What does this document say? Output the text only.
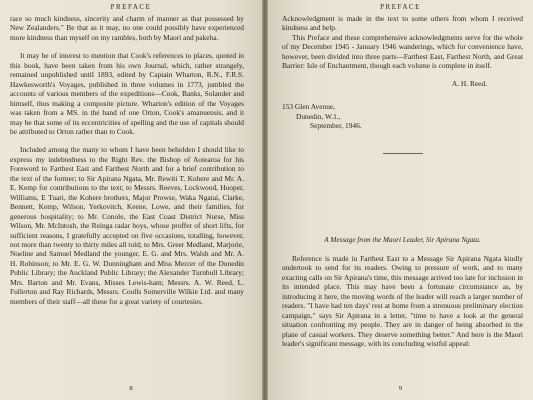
PREFACE

race so much kindness, sincerity and charm of manner as that possessed by New Zealanders." Be that as it may, no one could possibly have experienced more kindness than myself on my rambles, both by Maori and pakeha.

It may be of interest to mention that Cook's references to places, quoted in this book, have been taken from his own Journal, which, rather strangely, remained unpublished until 1893, edited by Captain Wharton, R.N., F.R.S. Hawkesworth's Voyages, published in three volumes in 1773, jumbled the accounts of various members of the expeditions—Cook, Banks, Solander and himself, thus making a composite picture. Wharton's edition of the Voyages was taken from a MS. in the hand of one Orton, Cook's amanuensis, and it may be that some of its eccentricities of spelling and the use of capitals should be attributed to Orton rather than to Cook.

Included among the many to whom I have been beholden I should like to express my indebtedness to the Right Rev. the Bishop of Aotearoa for his Foreword to Farthest East and Farthest North and for a brief contribution to the text of the former; to Sir Apirana Ngata, Mr. Rewiti T. Kohere and Mr. A. E. Kemp for contributions to the text; to Messrs. Reeves, Lockwood, Hooper, Williams, E Tuari, the Kohere brothers, Major Prowse, Waka Ngatai, Clarke, Bennett, Kemp, Wilson, Yerkovitch, Keene, Lowe, and their families, for generous hospitality; to Mr. Conole, the East Coast District Nurse, Miss Wilson, Mr. McIntosh, the Reinga radar boys, whose proffer of short lifts, for sufficient reasons, I gratefully accepted on five occasions, totalling, however, not more than twenty to thirty miles all told; to Mrs. Greer Medland, Marjorie, Noeline and Samuel Medland the younger, E. G. and Mrs. Walsh and Mr. A. H. Robinson; to Mr. E. G. W. Dunningham and Miss Mercer of the Dunedin Public Library; the Auckland Public Library; the Alexander Turnbull Library; Mrs. Barton and Mr. Evans, Misses Lewis-ham; Messrs. A. W. Reed, L. Fullerton and Ray Richards, Messrs. Coulls Somerville Wilkie Ltd. and many members of their staff—all these for a great variety of courtesies.

8
PREFACE

Acknowledgment is made in the text to some others from whom I received kindness and help.

This Preface and these comprehensive acknowledgments serve for the whole of my December 1945 - January 1946 wanderings, which for convenience have, however, been divided into three parts—Farthest East, Farthest North, and Great Barrier: Isle of Enchantment, though each volume is complete in itself.

A. H. Reed.

153 Glen Avenue,
Dunedin, W.1.,
September, 1946.

A Message from the Maori Leader, Sir Apirana Ngata.

Reference is made in Farthest East to a Message Sir Apirana Ngata kindly undertook to send for its readers. Owing to pressure of work, and to many exacting calls on Sir Apirana's time, this message arrived too late for inclusion in its intended place. This may have been a fortunate circumstance as, by introducing it here, the moving words of the leader will reach a larger number of readers. "I have had ten days' rest at home from a strenuous preliminary election campaign," says Sir Apirana in a letter, "time to have a look at the general situation confronting my people. They are in danger of being absorbed in the plane of casual workers. They deserve something better." And here is the Maori leader's significant message, with its concluding wistful appeal:

9
